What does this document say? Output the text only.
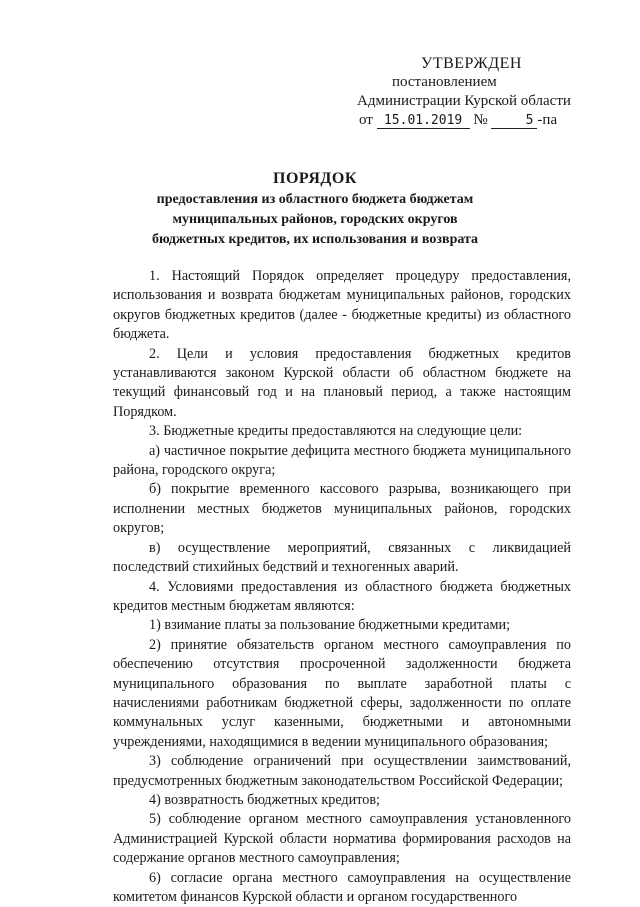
УТВЕРЖДЕН
постановлением
Администрации Курской области
от 15.01.2019 №	5 -па
ПОРЯДОК
предоставления из областного бюджета бюджетам
муниципальных районов, городских округов
бюджетных кредитов, их использования и возврата

1. Настоящий Порядок определяет процедуру предоставления, использования и возврата бюджетам муниципальных районов, городских округов бюджетных кредитов (далее - бюджетные кредиты) из областного бюджета.

2. Цели и условия предоставления бюджетных кредитов устанавливаются законом Курской области об областном бюджете на текущий финансовый год и на плановый период, а также настоящим Порядком.

3. Бюджетные кредиты предоставляются на следующие цели:

а) частичное покрытие дефицита местного бюджета муниципального района, городского округа;

б) покрытие временного кассового разрыва, возникающего при исполнении местных бюджетов муниципальных районов, городских округов;

в) осуществление мероприятий, связанных с ликвидацией последствий стихийных бедствий и техногенных аварий.

4. Условиями предоставления из областного бюджета бюджетных кредитов местным бюджетам являются:

1) взимание платы за пользование бюджетными кредитами;

2) принятие обязательств органом местного самоуправления по обеспечению отсутствия просроченной задолженности бюджета муниципального образования по выплате заработной платы с начислениями работникам бюджетной сферы, задолженности по оплате коммунальных услуг казенными, бюджетными и автономными учреждениями, находящимися в ведении муниципального образования;

3) соблюдение ограничений при осуществлении заимствований, предусмотренных бюджетным законодательством Российской Федерации;

4) возвратность бюджетных кредитов;

5) соблюдение органом местного самоуправления установленного Администрацией Курской области норматива формирования расходов на содержание органов местного самоуправления;

6) согласие органа местного самоуправления на осуществление комитетом финансов Курской области и органом государственного
